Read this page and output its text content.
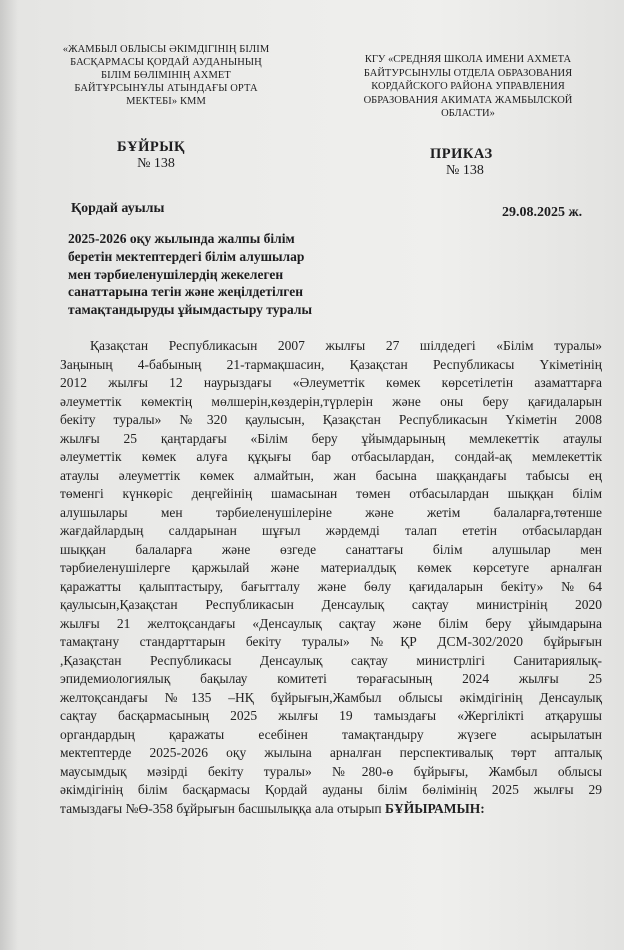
«ЖАМБЫЛ ОБЛЫСЫ ӘКІМДІГІНІҢ БІЛІМ
БАСҚАРМАСЫ ҚОРДАЙ АУДАНЫНЫҢ
БІЛІМ БӨЛІМІНІҢ АХМЕТ
БАЙТҰРСЫНҰЛЫ АТЫНДАҒЫ ОРТА
МЕКТЕБІ» КММ
КГУ «СРЕДНЯЯ ШКОЛА ИМЕНИ АХМЕТА
БАЙТУРСЫНУЛЫ ОТДЕЛА ОБРАЗОВАНИЯ
КОРДАЙСКОГО РАЙОНА УПРАВЛЕНИЯ
ОБРАЗОВАНИЯ АКИМАТА ЖАМБЫЛСКОЙ
ОБЛАСТИ»
БҰЙРЫҚ
№ 138
ПРИКАЗ
№ 138
Қордай ауылы	29.08.2025 ж.
2025-2026 оқу жылында жалпы білім
беретін мектептердегі білім алушылар
мен тәрбиеленушілердің жекелеген
санаттарына тегін және жеңілдетілген
тамақтандыруды ұйымдастыру туралы
Қазақстан Республикасын 2007 жылғы 27 шілдедегі «Білім туралы»
Заңының 4-бабының 21-тармақшасин, Қазақстан Республикасы Үкіметінің
2012 жылғы 12 наурыздағы «Әлеуметтік көмек көрсетілетін азаматтарға
әлеуметтік көмектің мөлшерін,көздерін,түрлерін және оны беру қағидаларын
бекіту туралы» №320 қаулысын, Қазақстан Республикасын Үкіметін 2008
жылғы 25 қаңтардағы «Білім беру ұйымдарының мемлекеттік атаулы
әлеуметтік көмек алуға құқығы бар отбасылардан, сондай-ақ мемлекеттік
атаулы әлеуметтік көмек алмайтын, жан басына шаққандағы табысы ең
төменгі күнкөріс деңгейінің шамасынан төмен отбасылардан шыққан білім
алушылары мен тәрбиеленушілеріне және жетім балаларға,төтенше
жағдайлардың салдарынан шұғыл жәрдемді талап ететін отбасылардан
шыққан балаларға және өзгеде санаттағы білім алушылар мен
тәрбиеленушілерге қаржылай және материалдық көмек көрсетуге арналған
қаражатты қалыптастыру, бағытталу және бөлу қағидаларын бекіту» №64
қаулысын,Қазақстан Республикасын Денсаулық сақтау министрінің 2020
жылғы 21 желтоқсандағы «Денсаулық сақтау және білім беру ұйымдарына
тамақтану стандарттарын бекіту туралы» №ҚР ДСМ-302/2020 бұйрығын
,Қазақстан Республикасы Денсаулық сақтау министрлігі Санитариялық-
эпидемиологиялық бақылау комитеті төрағасының 2024 жылғы 25
желтоқсандағы №135 –НҚ бұйрығын,Жамбыл облысы әкімдігінің Денсаулық
сақтау басқармасының 2025 жылғы 19 тамыздағы «Жергілікті атқарушы
органдардың қаражаты есебінен тамақтандыру жүзеге асырылатын
мектептерде 2025-2026 оқу жылына арналған перспективалық төрт апталық
маусымдық мәзірді бекіту туралы» №280-ө бұйрығы, Жамбыл облысы
әкімдігінің білім басқармасы Қордай ауданы білім бөлімінің 2025 жылғы 29
тамыздағы №Ө-358 бұйрығын басшылыққа ала отырып БҰЙЫРАМЫН:
